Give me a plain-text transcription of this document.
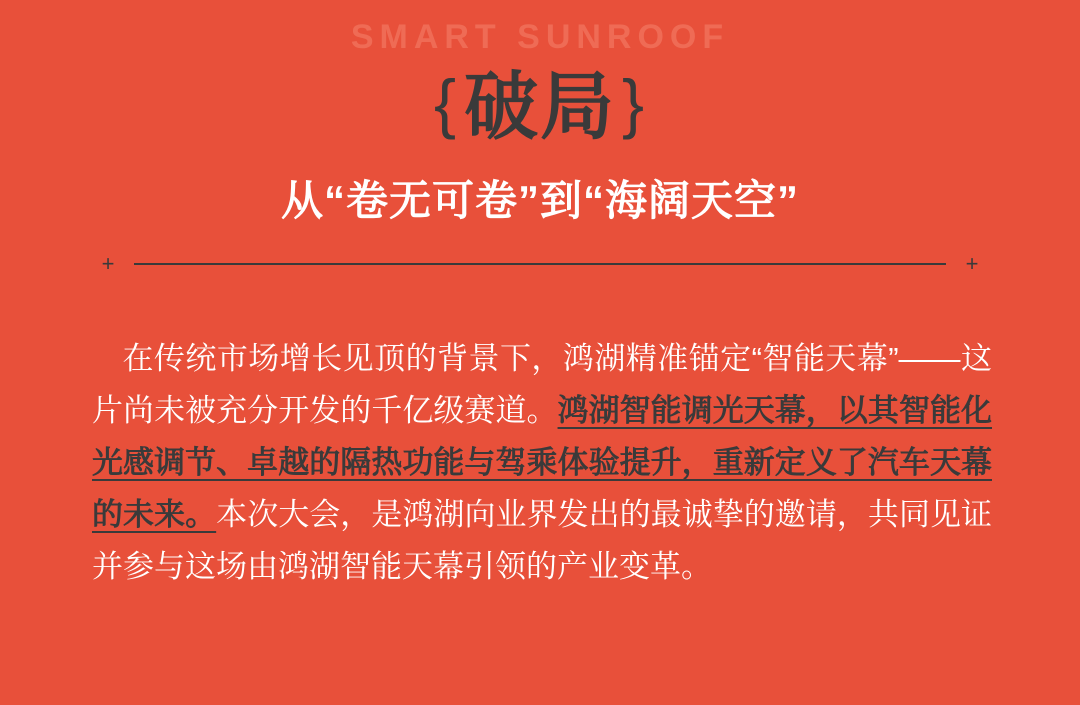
SMART SUNROOF
{破局}
从“卷无可卷”到“海阔天空”
+	+
在传统市场增长见顶的背景下，鸿湖精准锚定“智能天幕”——这片尚未被充分开发的千亿级赛道。鸿湖智能调光天幕，以其智能化光感调节、卓越的隔热功能与驾乘体验提升，重新定义了汽车天幕的未来。本次大会，是鸿湖向业界发出的最诚挚的邀请，共同见证并参与这场由鸿湖智能天幕引领的产业变革。
